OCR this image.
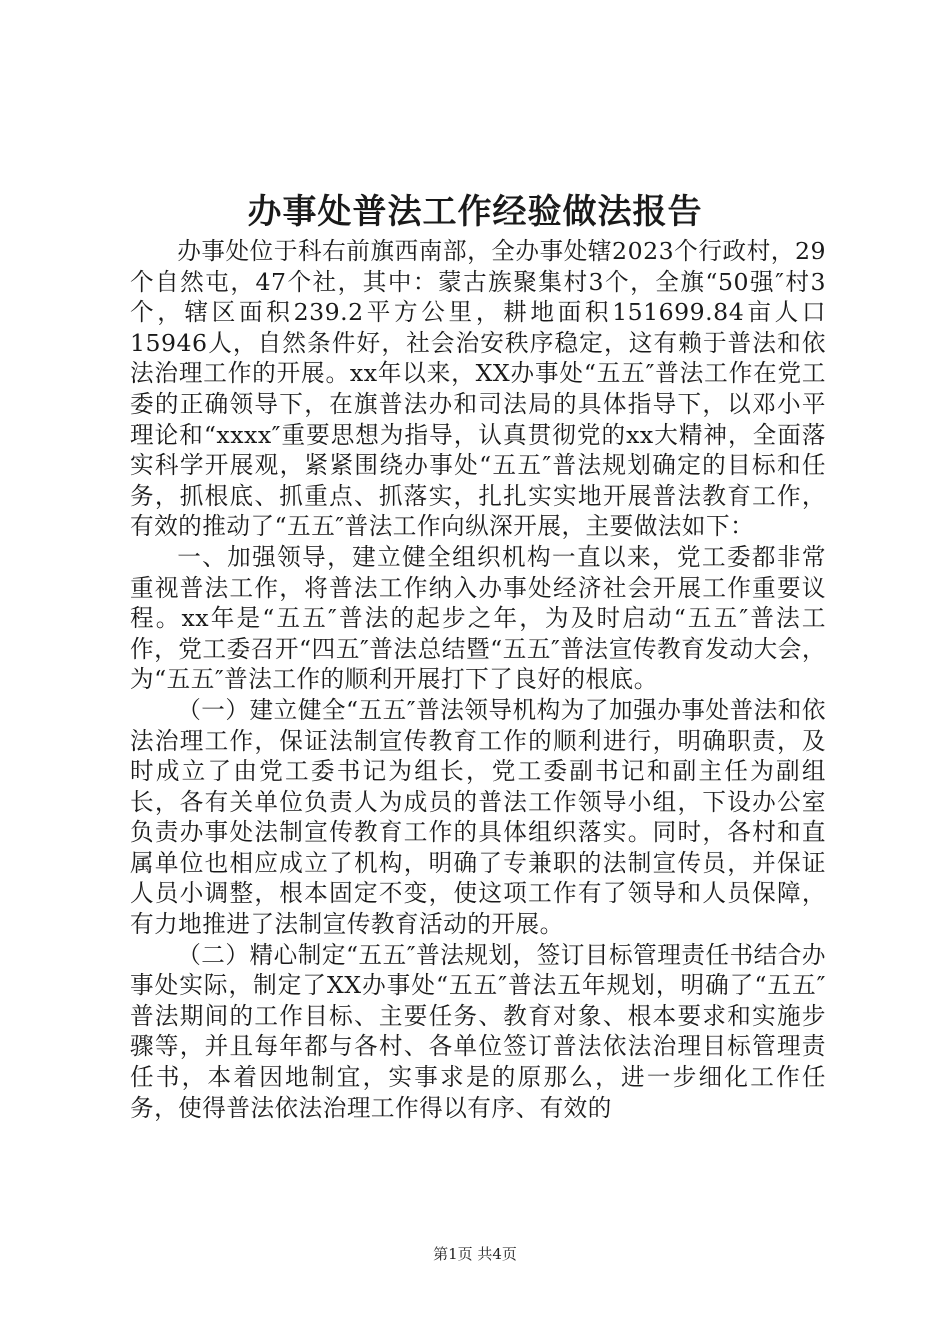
办事处普法工作经验做法报告

办事处位于科右前旗西南部，全办事处辖2023个行政村，29个自然屯，47个社，其中：蒙古族聚集村3个，全旗“50强″村3个，辖区面积239.2平方公里，耕地面积151699.84亩人口15946人，自然条件好，社会治安秩序稳定，这有赖于普法和依法治理工作的开展。xx年以来，XX办事处“五五″普法工作在党工委的正确领导下，在旗普法办和司法局的具体指导下，以邓小平理论和“xxxx″重要思想为指导，认真贯彻党的xx大精神，全面落实科学开展观，紧紧围绕办事处“五五″普法规划确定的目标和任务，抓根底、抓重点、抓落实，扎扎实实地开展普法教育工作，有效的推动了“五五″普法工作向纵深开展，主要做法如下：

一、加强领导，建立健全组织机构一直以来，党工委都非常重视普法工作，将普法工作纳入办事处经济社会开展工作重要议程。xx年是“五五″普法的起步之年，为及时启动“五五″普法工作，党工委召开“四五″普法总结暨“五五″普法宣传教育发动大会，为“五五″普法工作的顺利开展打下了良好的根底。

（一）建立健全“五五″普法领导机构为了加强办事处普法和依法治理工作，保证法制宣传教育工作的顺利进行，明确职责，及时成立了由党工委书记为组长，党工委副书记和副主任为副组长，各有关单位负责人为成员的普法工作领导小组，下设办公室负责办事处法制宣传教育工作的具体组织落实。同时，各村和直属单位也相应成立了机构，明确了专兼职的法制宣传员，并保证人员小调整，根本固定不变，使这项工作有了领导和人员保障，有力地推进了法制宣传教育活动的开展。

（二）精心制定“五五″普法规划，签订目标管理责任书结合办事处实际，制定了XX办事处“五五″普法五年规划，明确了“五五″普法期间的工作目标、主要任务、教育对象、根本要求和实施步骤等，并且每年都与各村、各单位签订普法依法治理目标管理责任书，本着因地制宜，实事求是的原那么，进一步细化工作任务，使得普法依法治理工作得以有序、有效的

第1页 共4页
